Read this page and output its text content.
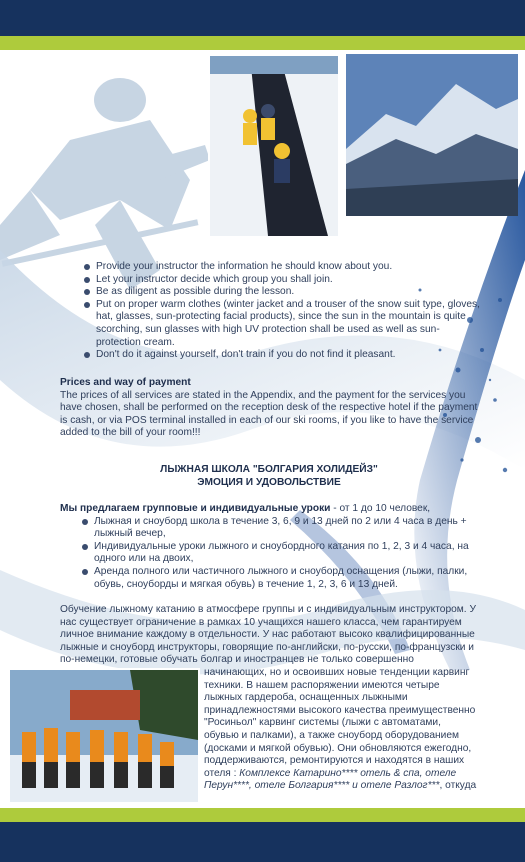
Provide your instructor the information he should know about you.
Let your instructor decide which group you shall join.
Be as diligent as possible during the lesson.
Put on proper warm clothes (winter jacket and a trouser of the snow suit type, gloves, hat, glasses, sun-protecting facial products), since the sun in the mountain is quite scorching, sun glasses with high UV protection shall be used as well as sun-protection cream.
Don't do it against yourself, don't train if you do not find it pleasant.
Prices and way of payment
The prices of all services are stated in the Appendix, and the payment for the services you have chosen, shall be performed on the reception desk of the respective hotel if the payment is cash, or via POS terminal installed in each of our ski rooms, if you like to have the service added to the bill of your room!!!
ЛЫЖНАЯ ШКОЛА "БОЛГАРИЯ ХОЛИДЕЙЗ"
ЭМОЦИЯ И УДОВОЛЬСТВИЕ
Мы предлагаем групповые и индивидуальные уроки - от 1 до 10 человек,
Лыжная и сноуборд школа в течение 3, 6, 9 и 13 дней по 2 или 4 часа в день + лыжный вечер,
Индивидуальные уроки лыжного и сноубордного катания по 1, 2, 3 и 4 часа, на одного или на двоих,
Аренда полного или частичного лыжного и сноуборд оснащения (лыжи, палки, обувь, сноуборды и мягкая обувь) в течение 1, 2, 3, 6 и 13 дней.
Обучение лыжному катанию в атмосфере группы и с индивидуальным инструктором. У нас существует ограничение в рамках 10 учащихся нашего класса, чем гарантируем личное внимание каждому в отдельности. У нас работают высоко квалифицированные лыжные и сноуборд инструкторы, говорящие по-английски, по-русски, по-французски и по-немецки, готовые обучать болгар и иностранцев не только совершенно
начинающих, но и освоивших новые тенденции карвинг техники. В нашем распоряжении имеются четыре лыжных гардероба, оснащенных лыжными принадлежностями высокого качества преимущественно "Росиньол" карвинг системы (лыжи с автоматами, обувью и палками), а также сноуборд оборудованием (досками и мягкой обувью). Они обновляются ежегодно, поддерживаются, ремонтируются и находятся в наших отеля : Комплексе Катарино**** отель & спа, отеле Перун****, отеле Болгария**** и отеле Разлог***, откуда
